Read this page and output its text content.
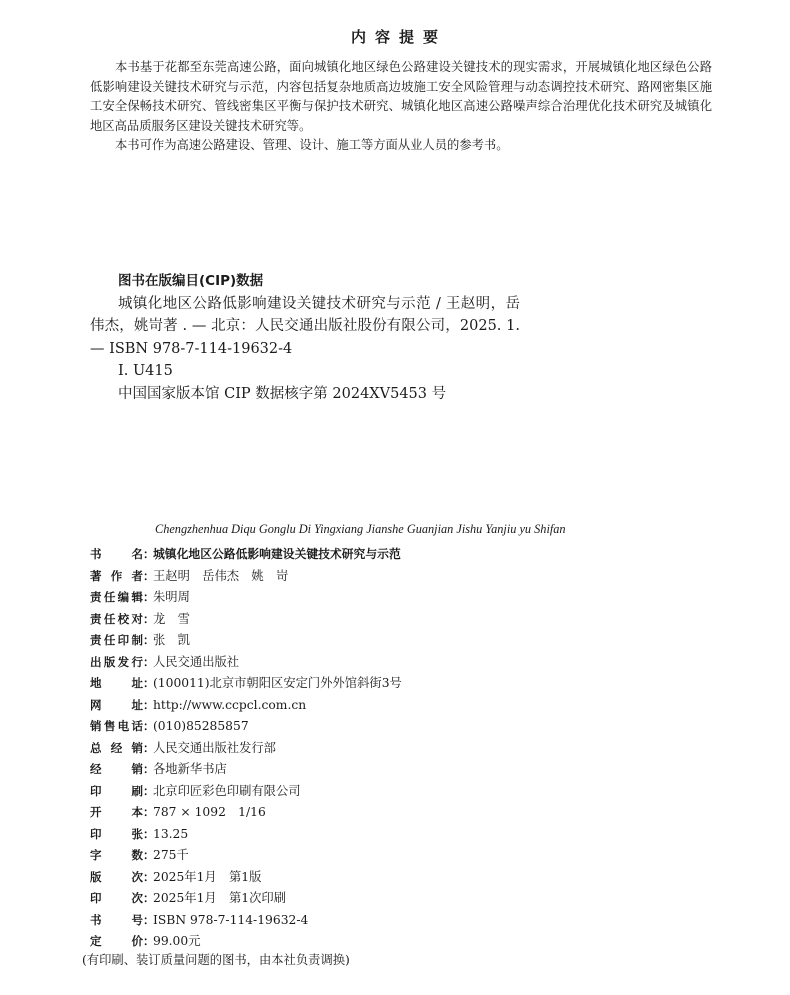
内容提要

本书基于花都至东莞高速公路，面向城镇化地区绿色公路建设关键技术的现实需求，开展城镇化地区绿色公路低影响建设关键技术研究与示范，内容包括复杂地质高边坡施工安全风险管理与动态调控技术研究、路网密集区施工安全保畅技术研究、管线密集区平衡与保护技术研究、城镇化地区高速公路噪声综合治理优化技术研究及城镇化地区高品质服务区建设关键技术研究等。

本书可作为高速公路建设、管理、设计、施工等方面从业人员的参考书。

图书在版编目(CIP)数据
城镇化地区公路低影响建设关键技术研究与示范 / 王赵明，岳伟杰，姚岢著 . — 北京：人民交通出版社股份有限公司，2025. 1. — ISBN 978-7-114-19632-4
Ⅰ. U415
中国国家版本馆 CIP 数据核字第 2024XV5453 号
Chengzhenhua Diqu Gonglu Di Yingxiang Jianshe Guanjian Jishu Yanjiu yu Shifan
书名 ：
城镇化地区公路低影响建设关键技术研究与示范
著作者 ：
王赵明　岳伟杰　姚　岢
责任编辑 ：
朱明周
责任校对 ：
龙　雪
责任印制 ：
张　凯
出版发行 ：
人民交通出版社
地址 ：
(100011)北京市朝阳区安定门外外馆斜街3号
网址 ：
http://www.ccpcl.com.cn
销售电话 ：
(010)85285857
总经销 ：
人民交通出版社发行部
经销 ：
各地新华书店
印刷 ：
北京印匠彩色印刷有限公司
开本 ：
787 × 1092　1/16
印张 ：
13.25
字数 ：
275千
版次 ：
2025年1月　第1版
印次 ：
2025年1月　第1次印刷
书号 ：
ISBN 978-7-114-19632-4
定价 ：
99.00元
(有印刷、装订质量问题的图书，由本社负责调换)
